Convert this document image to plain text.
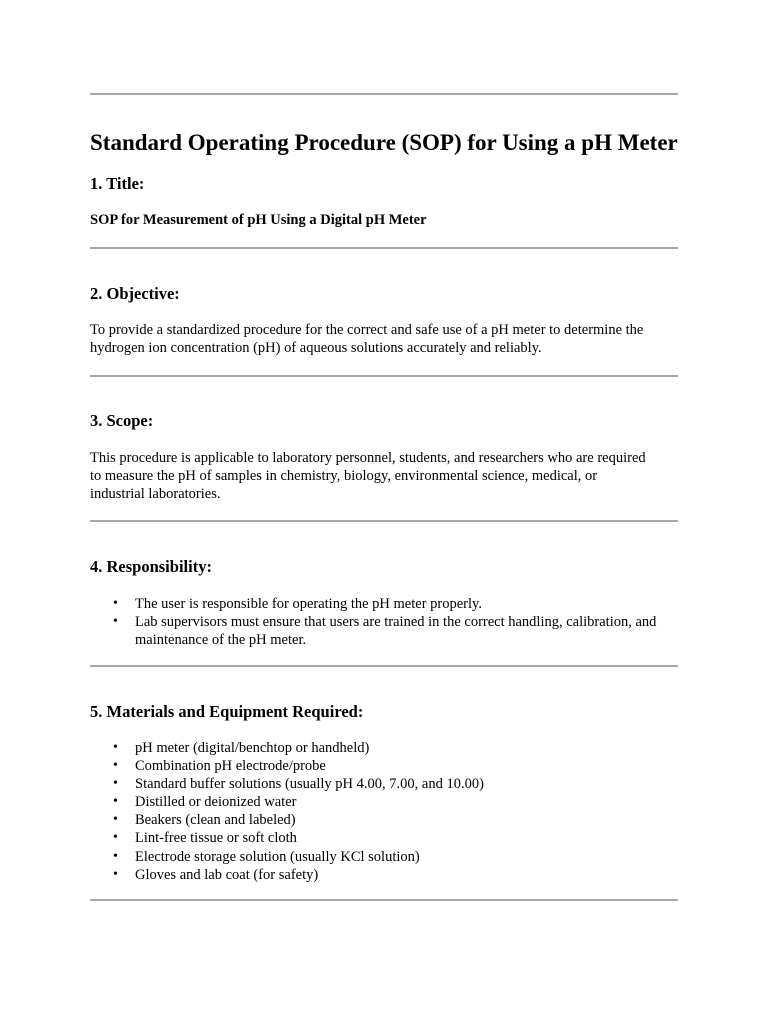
Standard Operating Procedure (SOP) for Using a pH Meter
1. Title:

SOP for Measurement of pH Using a Digital pH Meter

2. Objective:

To provide a standardized procedure for the correct and safe use of a pH meter to determine the

hydrogen ion concentration (pH) of aqueous solutions accurately and reliably.

3. Scope:

This procedure is applicable to laboratory personnel, students, and researchers who are required

to measure the pH of samples in chemistry, biology, environmental science, medical, or

industrial laboratories.

4. Responsibility:
• The user is responsible for operating the pH meter properly.
• Lab supervisors must ensure that users are trained in the correct handling, calibration, and
maintenance of the pH meter.
5. Materials and Equipment Required:
• pH meter (digital/benchtop or handheld)
• Combination pH electrode/probe
• Standard buffer solutions (usually pH 4.00, 7.00, and 10.00)
• Distilled or deionized water
• Beakers (clean and labeled)
• Lint-free tissue or soft cloth
• Electrode storage solution (usually KCl solution)
• Gloves and lab coat (for safety)
